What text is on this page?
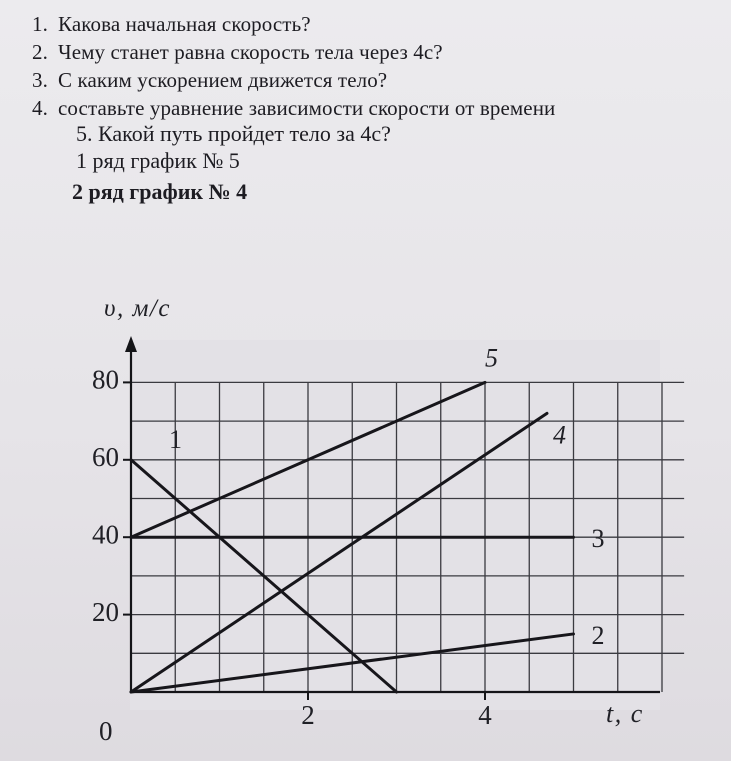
1. Какова начальная скорость?
2. Чему станет равна скорость тела через 4с?
3. С каким ускорением движется тело?
4. составьте уравнение зависимости скорости от времени
5. Какой путь пройдет тело за 4с?
1 ряд график № 5
2 ряд график № 4
1
2
3
4
5
20
40
60
80
2	4
0
υ, м/с
t, с
